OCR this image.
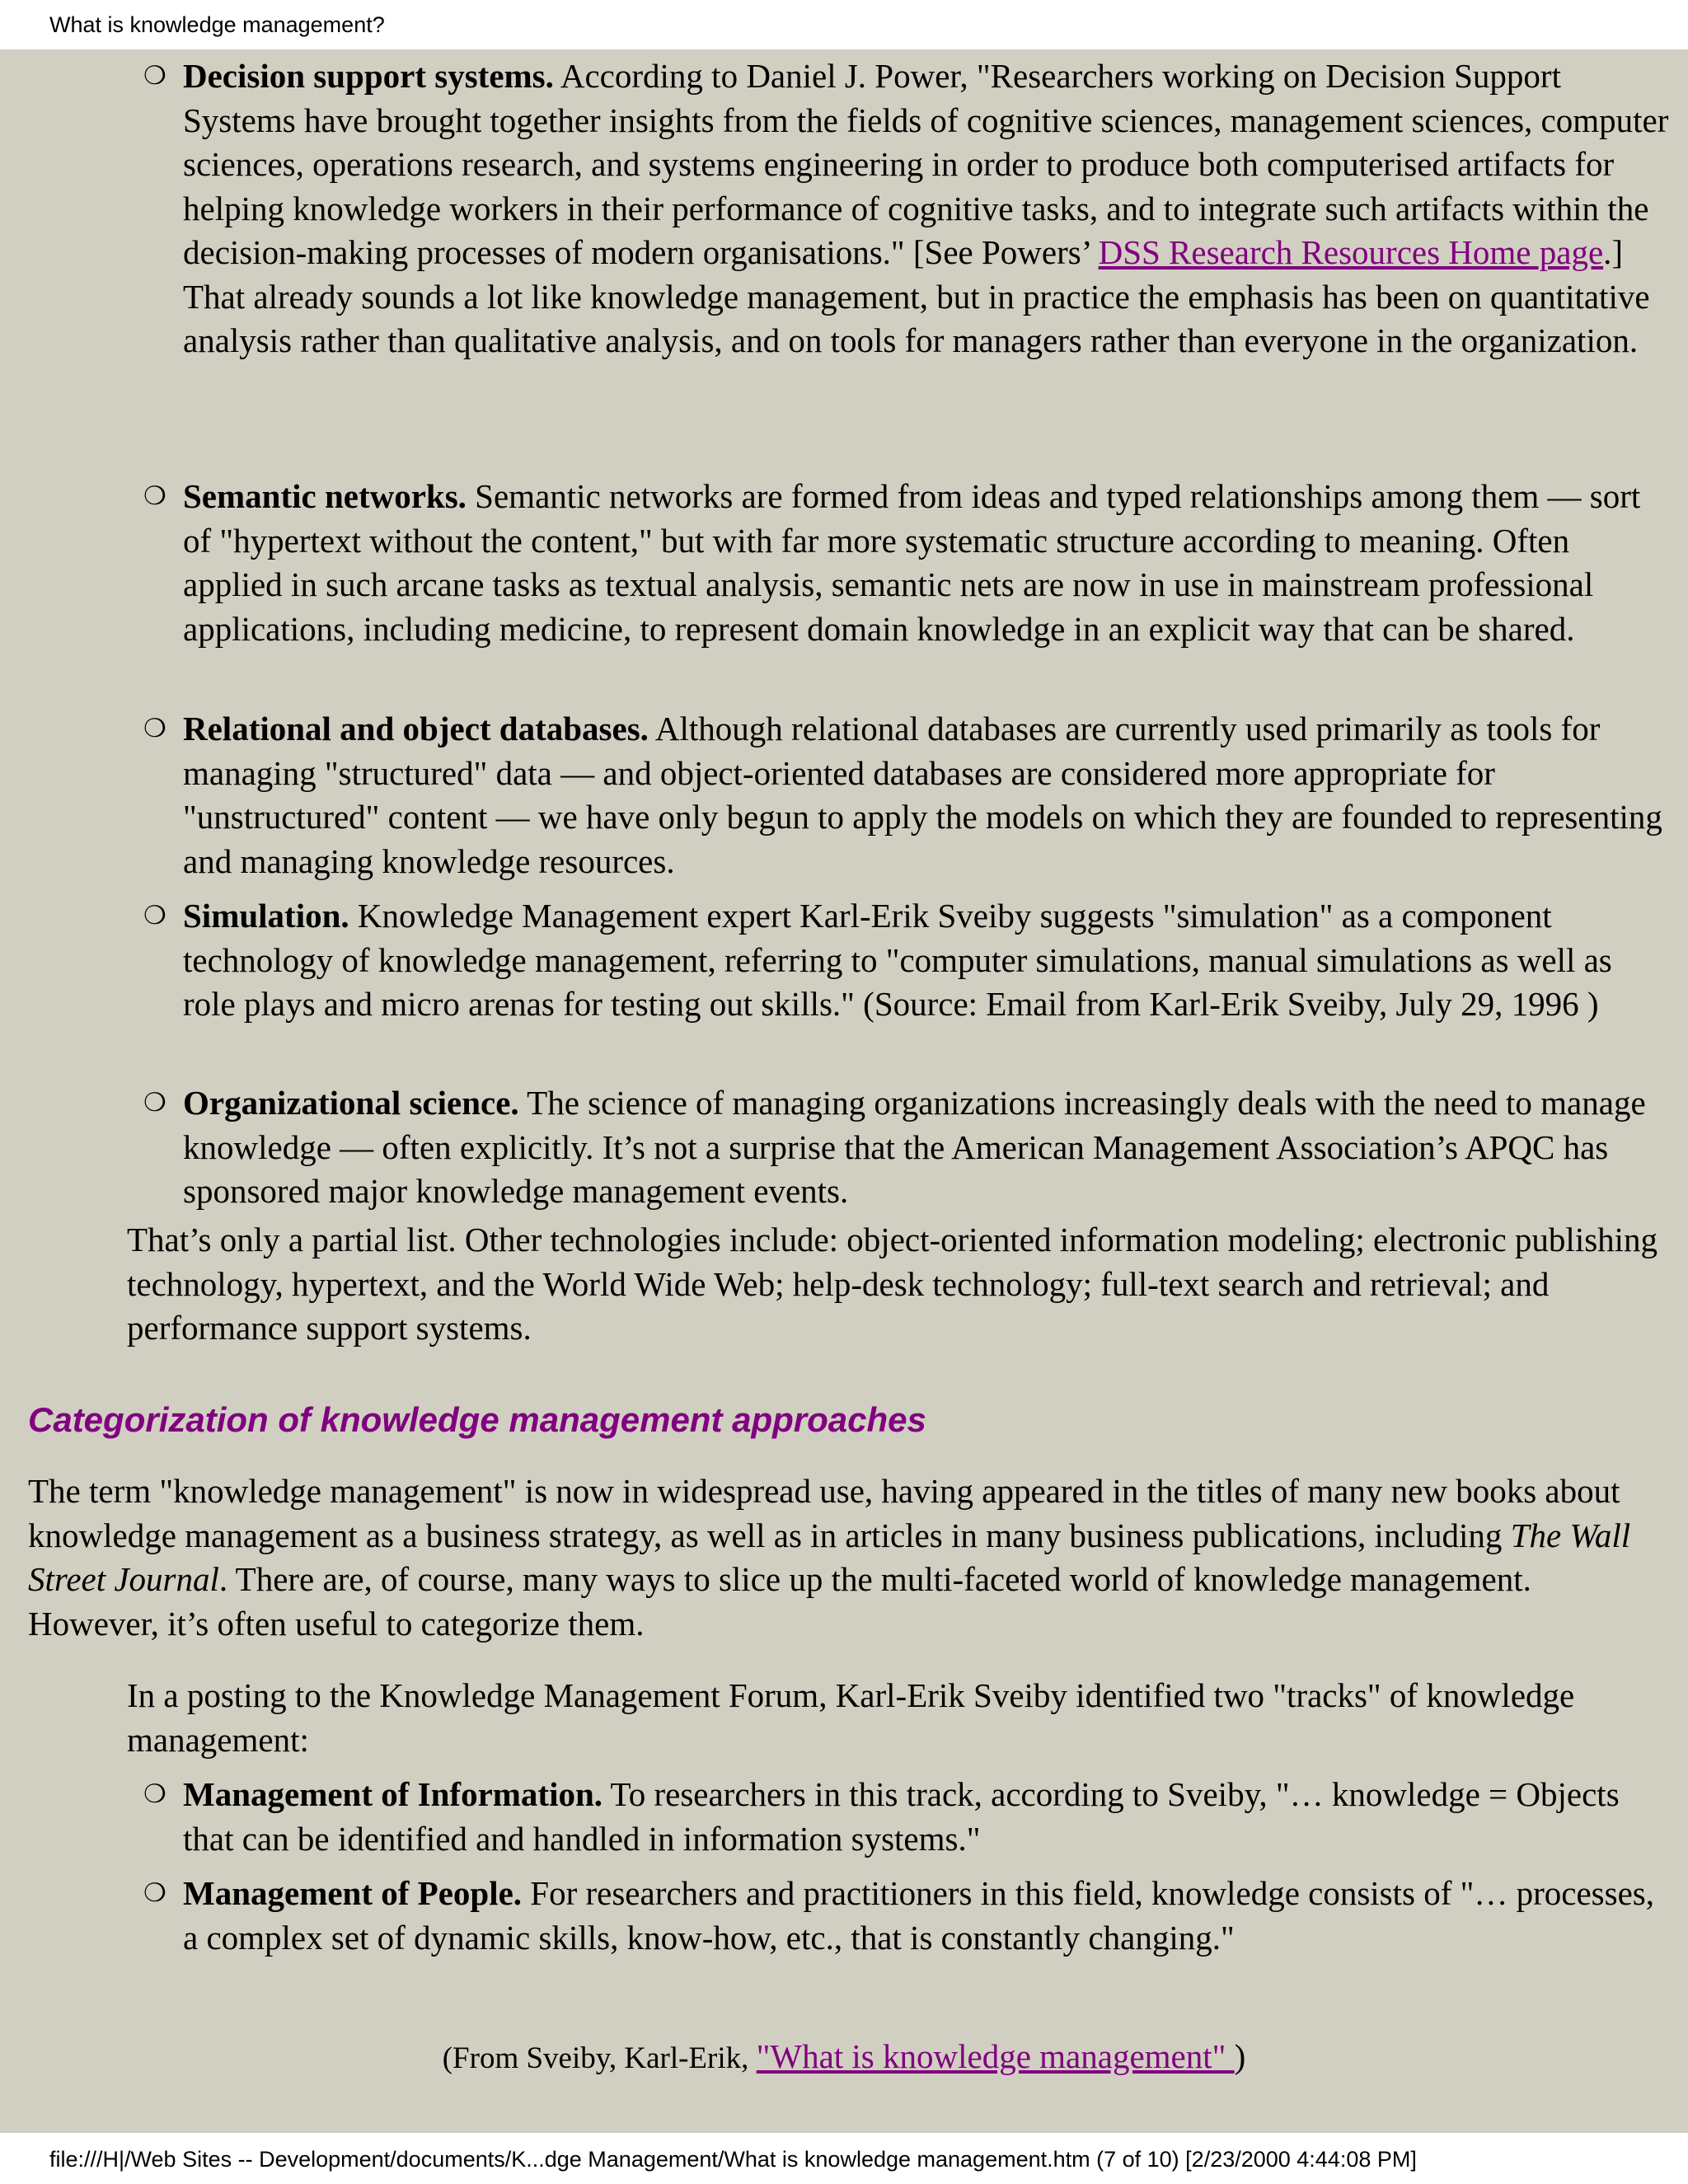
What is knowledge management?
❍ Decision support systems. According to Daniel J. Power, "Researchers working on Decision Support Systems have brought together insights from the fields of cognitive sciences, management sciences, computer sciences, operations research, and systems engineering in order to produce both computerised artifacts for helping knowledge workers in their performance of cognitive tasks, and to integrate such artifacts within the decision-making processes of modern organisations." [See Powers’ DSS Research Resources Home page.] That already sounds a lot like knowledge management, but in practice the emphasis has been on quantitative analysis rather than qualitative analysis, and on tools for managers rather than everyone in the organization.
❍ Semantic networks. Semantic networks are formed from ideas and typed relationships among them — sort of "hypertext without the content," but with far more systematic structure according to meaning. Often applied in such arcane tasks as textual analysis, semantic nets are now in use in mainstream professional applications, including medicine, to represent domain knowledge in an explicit way that can be shared.
❍ Relational and object databases. Although relational databases are currently used primarily as tools for managing "structured" data — and object-oriented databases are considered more appropriate for "unstructured" content — we have only begun to apply the models on which they are founded to representing and managing knowledge resources.
❍ Simulation. Knowledge Management expert Karl-Erik Sveiby suggests "simulation" as a component technology of knowledge management, referring to "computer simulations, manual simulations as well as role plays and micro arenas for testing out skills." (Source: Email from Karl-Erik Sveiby, July 29, 1996 )
❍ Organizational science. The science of managing organizations increasingly deals with the need to manage knowledge — often explicitly. It’s not a surprise that the American Management Association’s APQC has sponsored major knowledge management events.
That’s only a partial list. Other technologies include: object-oriented information modeling; electronic publishing technology, hypertext, and the World Wide Web; help-desk technology; full-text search and retrieval; and performance support systems.
Categorization of knowledge management approaches
The term "knowledge management" is now in widespread use, having appeared in the titles of many new books about knowledge management as a business strategy, as well as in articles in many business publications, including The Wall Street Journal. There are, of course, many ways to slice up the multi-faceted world of knowledge management. However, it’s often useful to categorize them.
In a posting to the Knowledge Management Forum, Karl-Erik Sveiby identified two "tracks" of knowledge management:
❍ Management of Information. To researchers in this track, according to Sveiby, "… knowledge = Objects that can be identified and handled in information systems."
❍ Management of People. For researchers and practitioners in this field, knowledge consists of "… processes, a complex set of dynamic skills, know-how, etc., that is constantly changing."
(From Sveiby, Karl-Erik, "What is knowledge management" )
file:///H|/Web Sites -- Development/documents/K...dge Management/What is knowledge management.htm (7 of 10) [2/23/2000 4:44:08 PM]
